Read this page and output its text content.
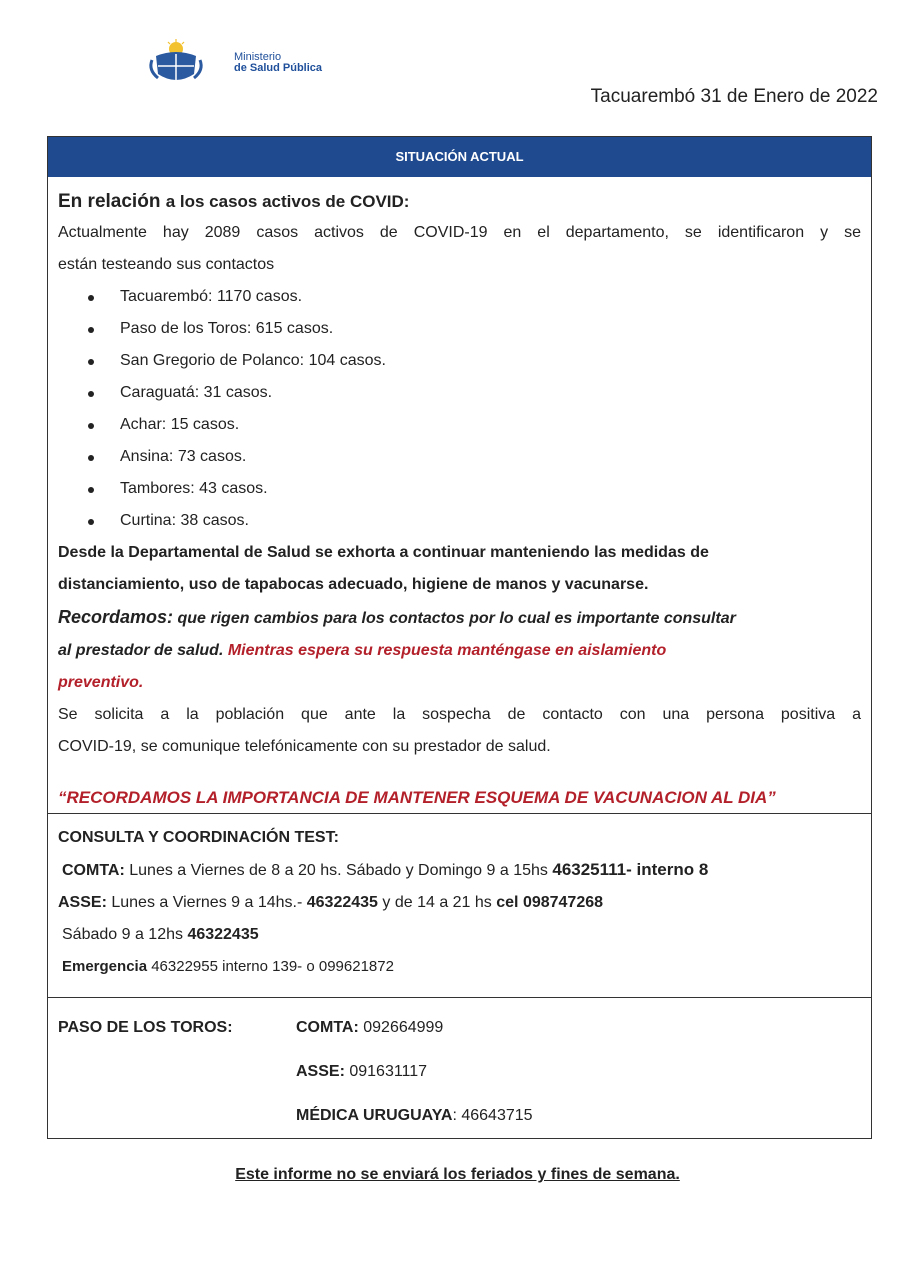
Ministerio
de Salud Pública
Tacuarembó 31 de Enero de 2022
SITUACIÓN ACTUAL
En relación a los casos activos de COVID:
Actualmente hay 2089 casos activos de COVID-19 en el departamento, se identificaron y se
están testeando sus contactos
Tacuarembó: 1170 casos.
Paso de los Toros: 615 casos.
San Gregorio de Polanco: 104 casos.
Caraguatá: 31 casos.
Achar: 15 casos.
Ansina: 73 casos.
Tambores: 43 casos.
Curtina: 38 casos.
Desde la Departamental de Salud se exhorta a continuar manteniendo las medidas de
distanciamiento, uso de tapabocas adecuado, higiene de manos y vacunarse.
Recordamos: que rigen cambios para los contactos por lo cual es importante consultar
al prestador de salud. Mientras espera su respuesta manténgase en aislamiento
preventivo.
Se solicita a la población que ante la sospecha de contacto con una persona positiva a
COVID-19, se comunique telefónicamente con su prestador de salud.
“RECORDAMOS LA IMPORTANCIA DE MANTENER ESQUEMA DE VACUNACION AL DIA”
CONSULTA Y COORDINACIÓN TEST:
COMTA: Lunes a Viernes de 8 a 20 hs. Sábado y Domingo 9 a 15hs 46325111- interno 8
ASSE: Lunes a Viernes 9 a 14hs.- 46322435 y de 14 a 21 hs cel 098747268
Sábado 9 a 12hs 46322435
Emergencia 46322955 interno 139- o 099621872
PASO DE LOS TOROS:	COMTA: 092664999
ASSE: 091631117
MÉDICA URUGUAYA: 46643715
Este informe no se enviará los feriados y fines de semana.
